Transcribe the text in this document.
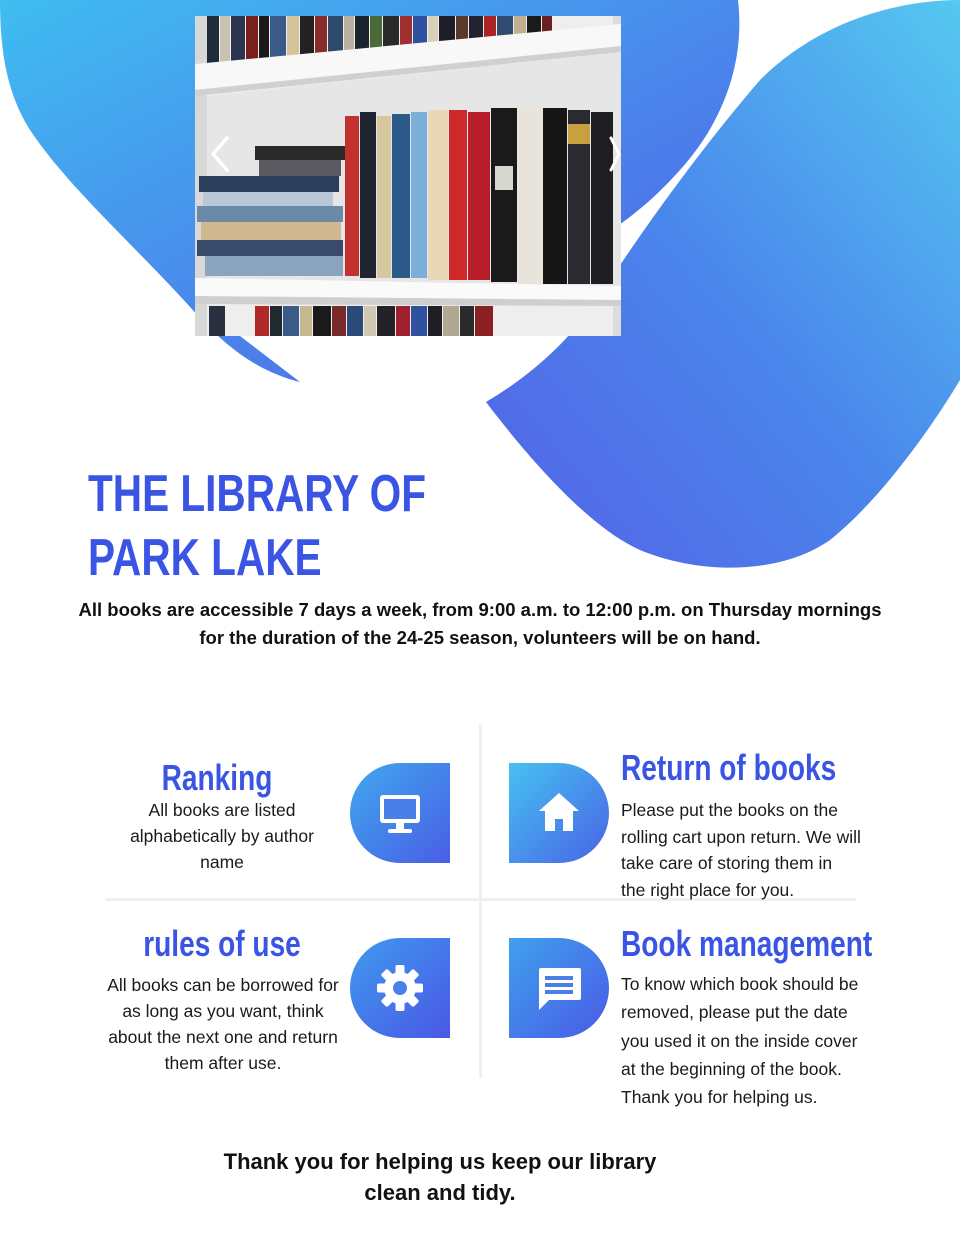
THE LIBRARY OF
PARK LAKE

All books are accessible 7 days a week, from 9:00 a.m. to 12:00 p.m. on Thursday mornings for the duration of the 24-25 season, volunteers will be on hand.

Ranking

All books are listed alphabetically by author name

Return of books

Please put the books on the rolling cart upon return. We will take care of storing them in the right place for you.

rules of use

All books can be borrowed for as long as you want, think about the next one and return them after use.

Book management

To know which book should be removed, please put the date you used it on the inside cover at the beginning of the book. Thank you for helping us.

Thank you for helping us keep our library clean and tidy.
